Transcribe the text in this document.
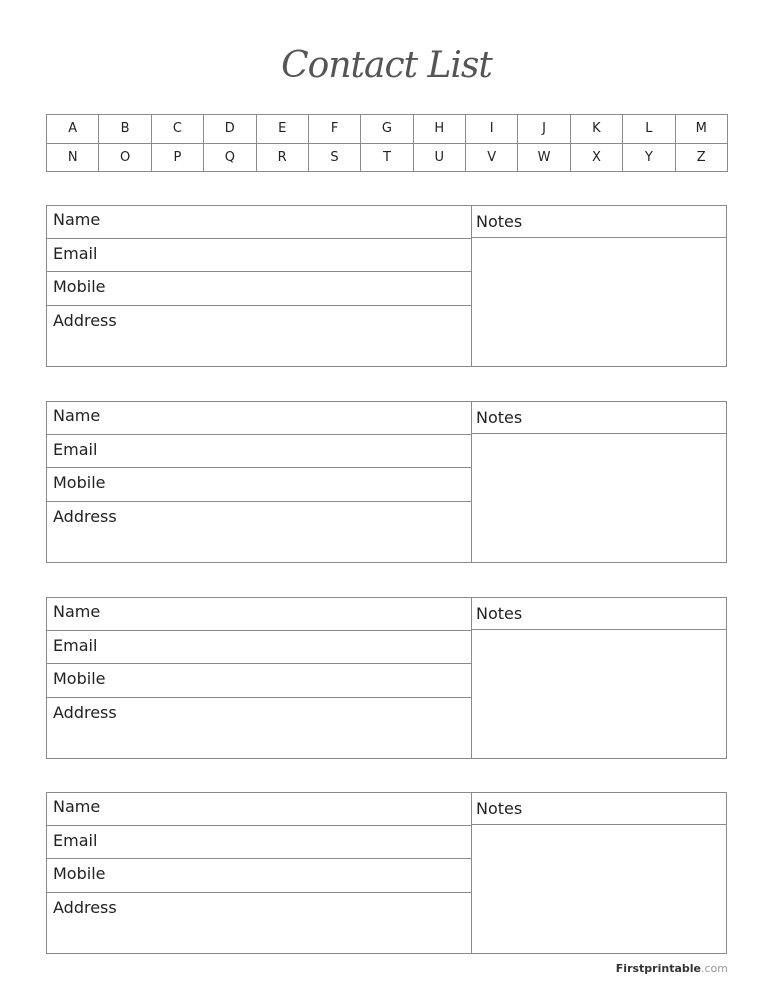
Contact List
A	B	C	D	E	F	G	H	I	J	K	L	M
N	O	P	Q	R	S	T	U	V	W	X	Y	Z
Name
Email
Mobile
Address
Notes
Name
Email
Mobile
Address
Notes
Name
Email
Mobile
Address
Notes
Name
Email
Mobile
Address
Notes
Firstprintable.com
